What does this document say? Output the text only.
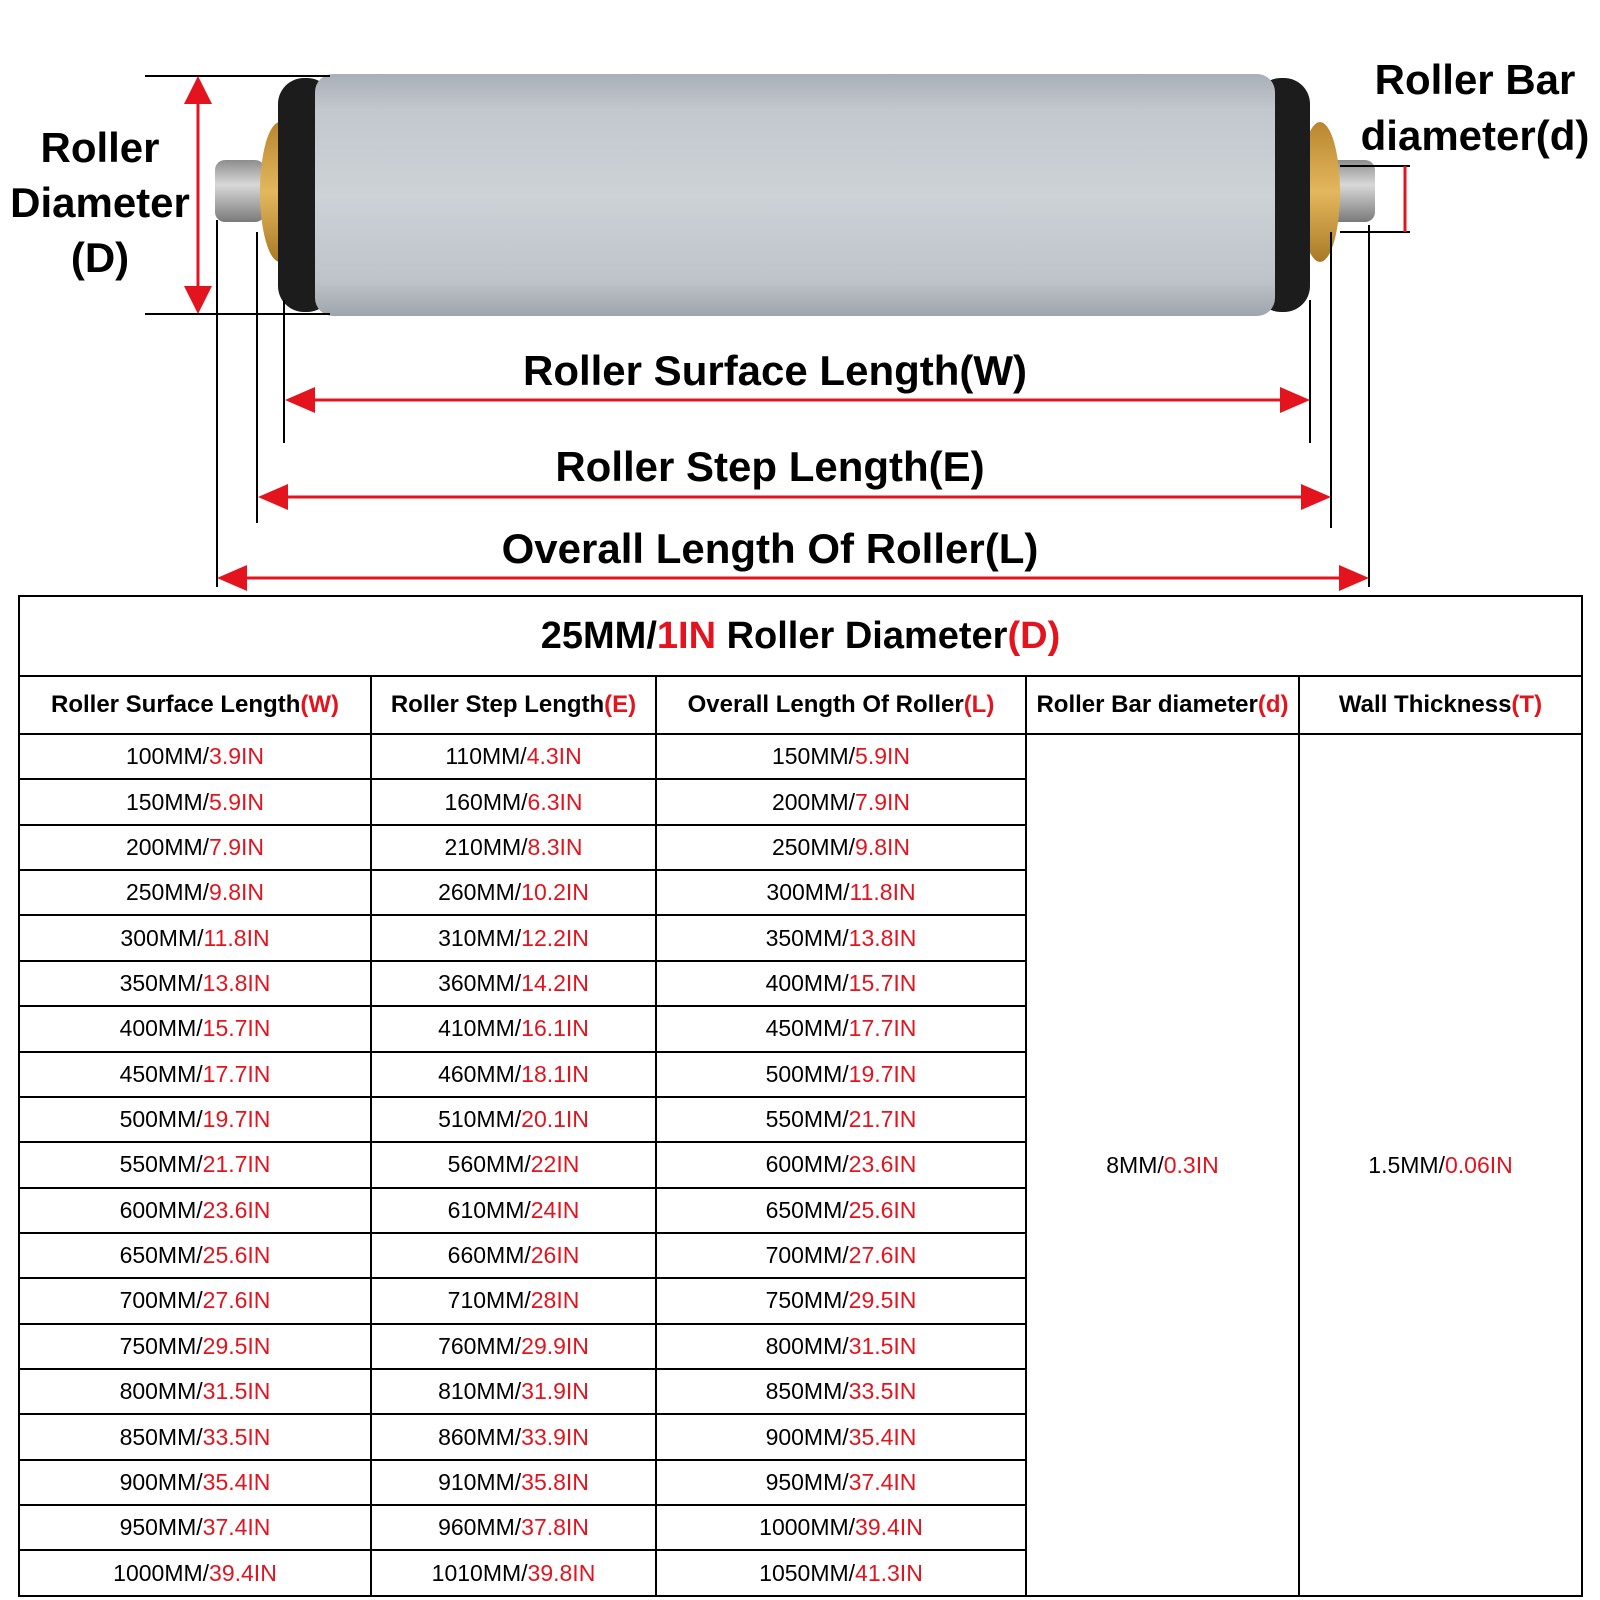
Roller Diameter (D)
Roller Bar diameter(d)
Roller Surface Length(W)
Roller Step Length(E)
Overall Length Of Roller(L)
25MM/1IN Roller Diameter(D)				
Roller Surface Length(W)	Roller Step Length(E)	Overall Length Of Roller(L)	Roller Bar diameter(d)	Wall Thickness(T)
100MM/3.9IN	110MM/4.3IN	150MM/5.9IN	8MM/0.3IN	1.5MM/0.06IN
150MM/5.9IN	160MM/6.3IN	200MM/7.9IN		
200MM/7.9IN	210MM/8.3IN	250MM/9.8IN		
250MM/9.8IN	260MM/10.2IN	300MM/11.8IN		
300MM/11.8IN	310MM/12.2IN	350MM/13.8IN		
350MM/13.8IN	360MM/14.2IN	400MM/15.7IN		
400MM/15.7IN	410MM/16.1IN	450MM/17.7IN		
450MM/17.7IN	460MM/18.1IN	500MM/19.7IN		
500MM/19.7IN	510MM/20.1IN	550MM/21.7IN		
550MM/21.7IN	560MM/22IN	600MM/23.6IN		
600MM/23.6IN	610MM/24IN	650MM/25.6IN		
650MM/25.6IN	660MM/26IN	700MM/27.6IN		
700MM/27.6IN	710MM/28IN	750MM/29.5IN		
750MM/29.5IN	760MM/29.9IN	800MM/31.5IN		
800MM/31.5IN	810MM/31.9IN	850MM/33.5IN		
850MM/33.5IN	860MM/33.9IN	900MM/35.4IN		
900MM/35.4IN	910MM/35.8IN	950MM/37.4IN		
950MM/37.4IN	960MM/37.8IN	1000MM/39.4IN		
1000MM/39.4IN	1010MM/39.8IN	1050MM/41.3IN		
